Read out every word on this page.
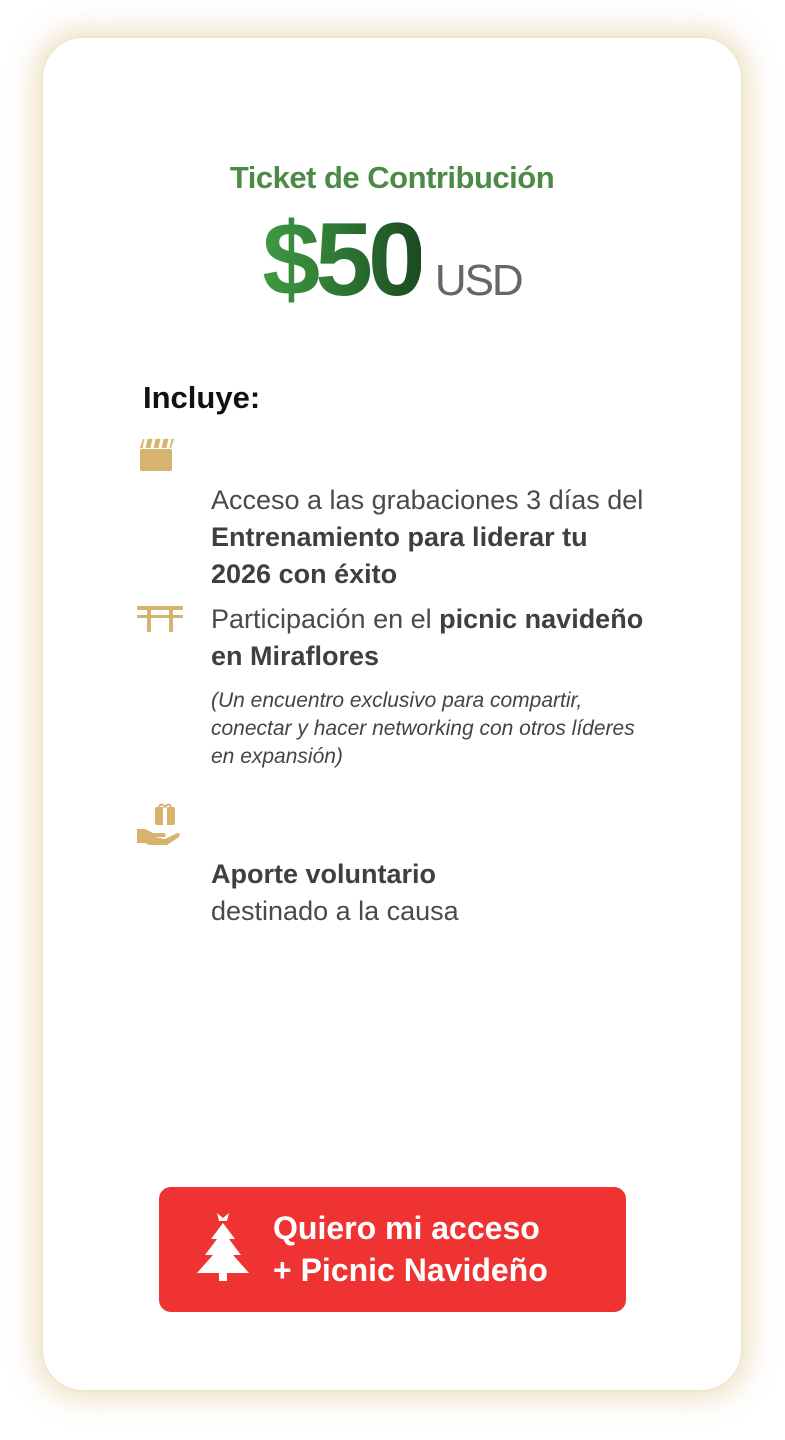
Ticket de Contribución
$50 USD
Incluye:
Acceso a las grabaciones 3 días del Entrenamiento para liderar tu 2026 con éxito
Participación en el picnic navideño en Miraflores
(Un encuentro exclusivo para compartir, conectar y hacer networking con otros líderes en expansión)
Aporte voluntario
destinado a la causa
Quiero mi acceso
+ Picnic Navideño
